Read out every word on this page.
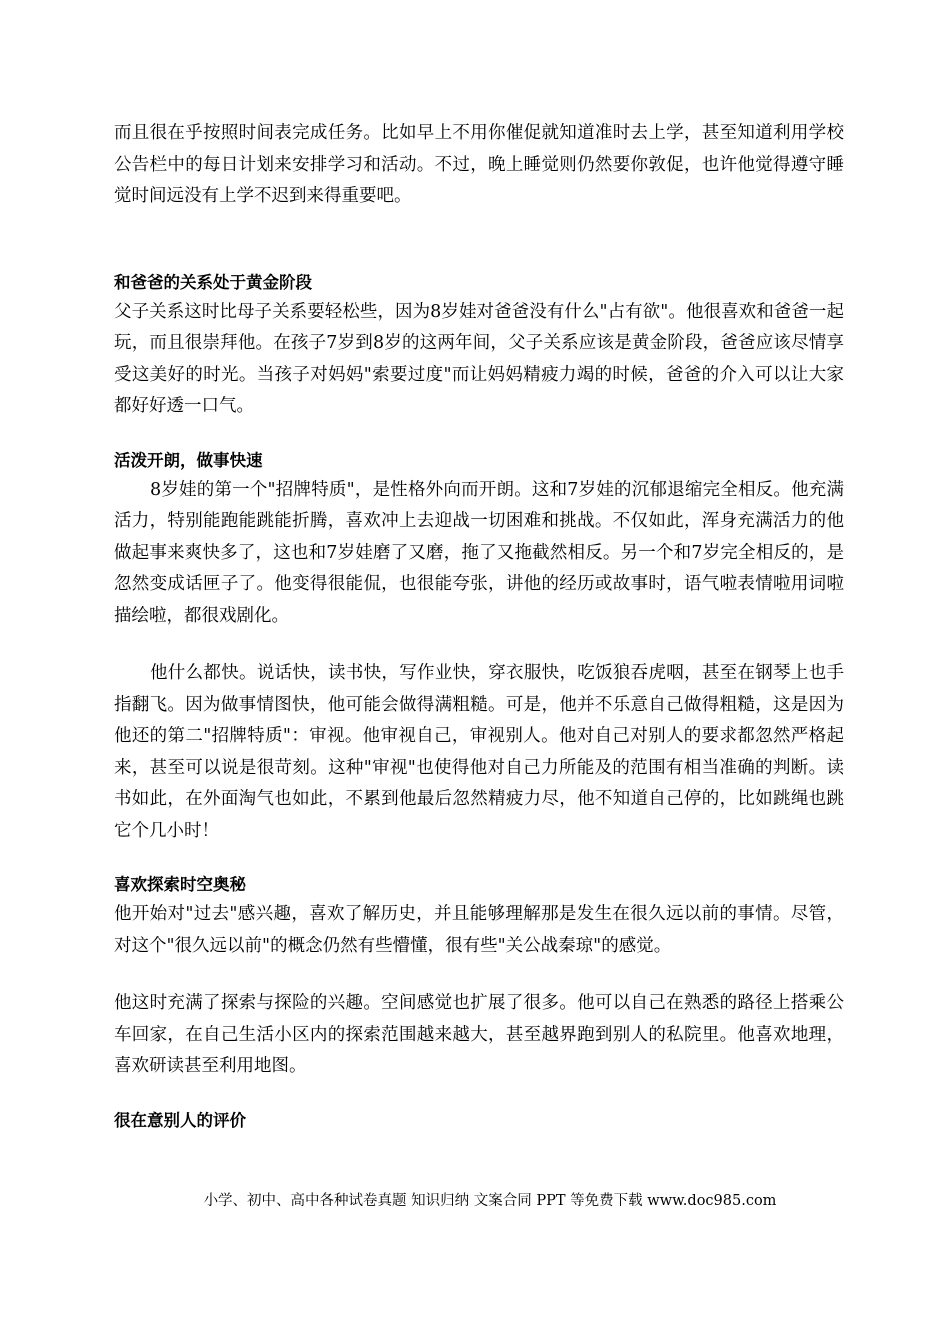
而且很在乎按照时间表完成任务。比如早上不用你催促就知道准时去上学，甚至知道利用学校公告栏中的每日计划来安排学习和活动。不过，晚上睡觉则仍然要你敦促，也许他觉得遵守睡觉时间远没有上学不迟到来得重要吧。

和爸爸的关系处于黄金阶段

父子关系这时比母子关系要轻松些，因为8岁娃对爸爸没有什么"占有欲"。他很喜欢和爸爸一起玩，而且很崇拜他。在孩子7岁到8岁的这两年间，父子关系应该是黄金阶段，爸爸应该尽情享受这美好的时光。当孩子对妈妈"索要过度"而让妈妈精疲力竭的时候，爸爸的介入可以让大家都好好透一口气。

活泼开朗，做事快速

8岁娃的第一个"招牌特质"，是性格外向而开朗。这和7岁娃的沉郁退缩完全相反。他充满活力，特别能跑能跳能折腾，喜欢冲上去迎战一切困难和挑战。不仅如此，浑身充满活力的他做起事来爽快多了，这也和7岁娃磨了又磨，拖了又拖截然相反。另一个和7岁完全相反的，是忽然变成话匣子了。他变得很能侃，也很能夸张，讲他的经历或故事时，语气啦表情啦用词啦描绘啦，都很戏剧化。

他什么都快。说话快，读书快，写作业快，穿衣服快，吃饭狼吞虎咽，甚至在钢琴上也手指翻飞。因为做事情图快，他可能会做得满粗糙。可是，他并不乐意自己做得粗糙，这是因为他还的第二"招牌特质"：审视。他审视自己，审视别人。他对自己对别人的要求都忽然严格起来，甚至可以说是很苛刻。这种"审视"也使得他对自己力所能及的范围有相当准确的判断。读书如此，在外面淘气也如此，不累到他最后忽然精疲力尽，他不知道自己停的，比如跳绳也跳它个几小时！

喜欢探索时空奥秘

他开始对"过去"感兴趣，喜欢了解历史，并且能够理解那是发生在很久远以前的事情。尽管，对这个"很久远以前"的概念仍然有些懵懂，很有些"关公战秦琼"的感觉。

他这时充满了探索与探险的兴趣。空间感觉也扩展了很多。他可以自己在熟悉的路径上搭乘公车回家，在自己生活小区内的探索范围越来越大，甚至越界跑到别人的私院里。他喜欢地理，喜欢研读甚至利用地图。

很在意别人的评价
小学、初中、高中各种试卷真题 知识归纳 文案合同 PPT 等免费下载 www.doc985.com
